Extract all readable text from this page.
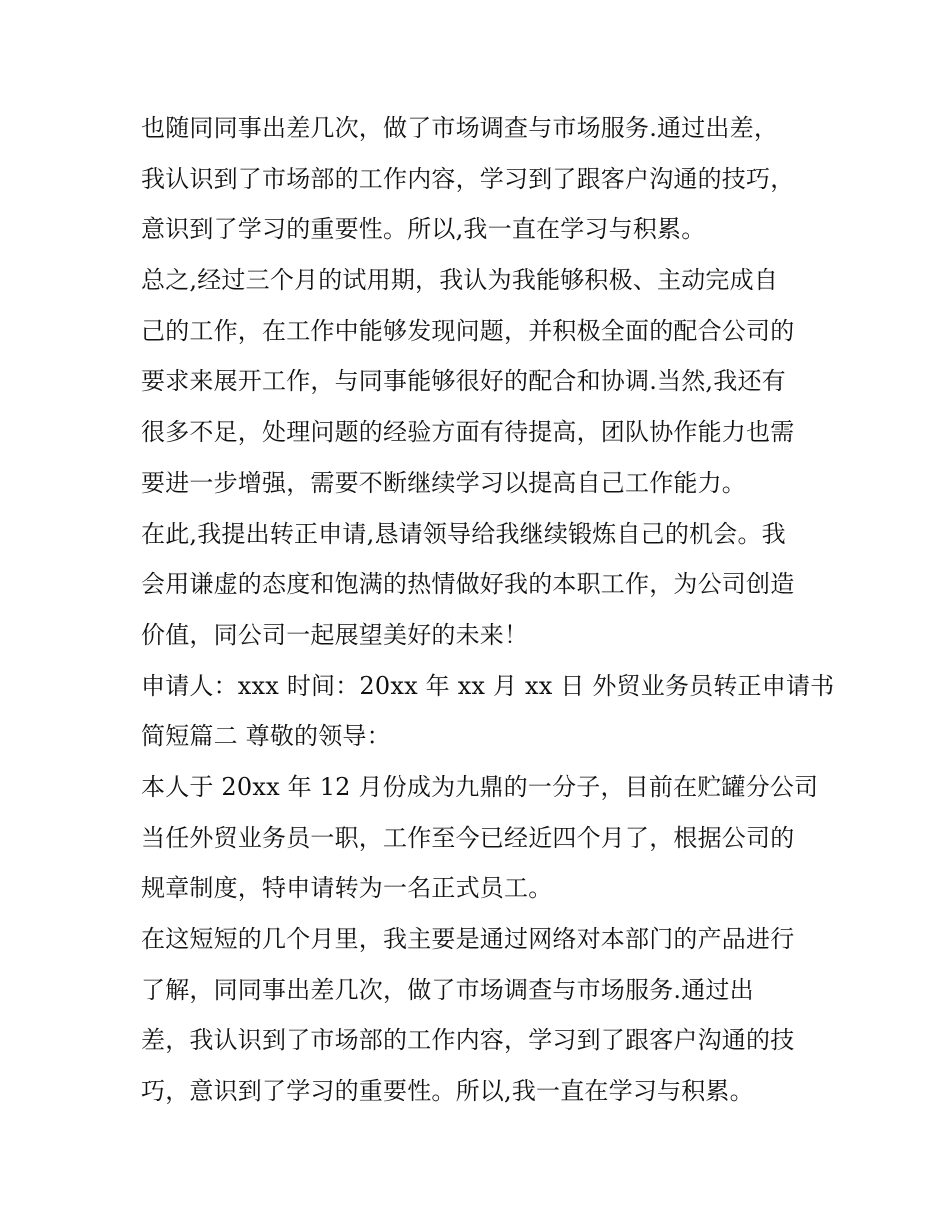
也随同同事出差几次，做了市场调查与市场服务.通过出差，
我认识到了市场部的工作内容，学习到了跟客户沟通的技巧，
意识到了学习的重要性。所以,我一直在学习与积累。
总之,经过三个月的试用期，我认为我能够积极、主动完成自
己的工作，在工作中能够发现问题，并积极全面的配合公司的
要求来展开工作，与同事能够很好的配合和协调.当然,我还有
很多不足，处理问题的经验方面有待提高，团队协作能力也需
要进一步增强，需要不断继续学习以提高自己工作能力。
在此,我提出转正申请,恳请领导给我继续锻炼自己的机会。我
会用谦虚的态度和饱满的热情做好我的本职工作，为公司创造
价值，同公司一起展望美好的未来！
申请人：xxx 时间：20xx 年 xx 月 xx 日 外贸业务员转正申请书
简短篇二 尊敬的领导：
本人于 20xx 年 12 月份成为九鼎的一分子，目前在贮罐分公司
当任外贸业务员一职，工作至今已经近四个月了，根据公司的
规章制度，特申请转为一名正式员工。
在这短短的几个月里，我主要是通过网络对本部门的产品进行
了解，同同事出差几次，做了市场调查与市场服务.通过出
差，我认识到了市场部的工作内容，学习到了跟客户沟通的技
巧，意识到了学习的重要性。所以,我一直在学习与积累。
